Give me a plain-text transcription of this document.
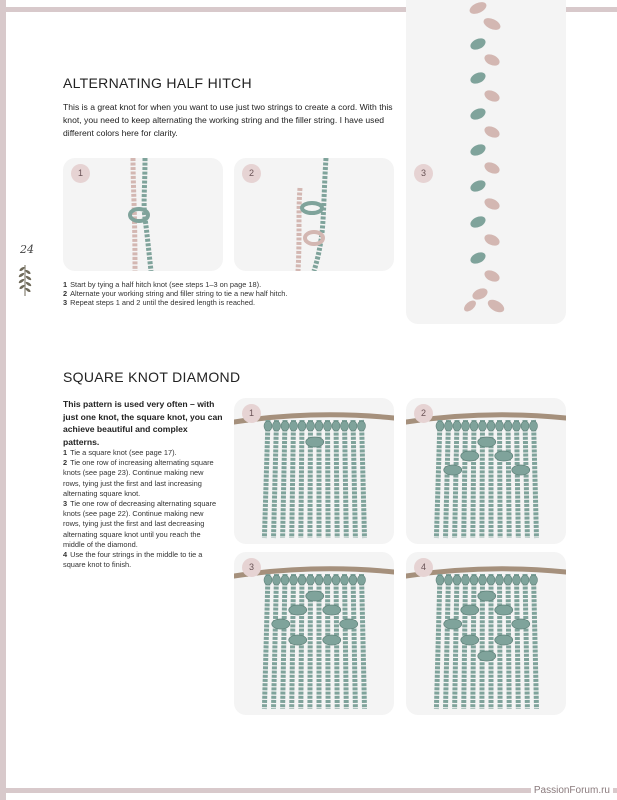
24
ALTERNATING HALF HITCH

This is a great knot for when you want to use just two strings to create a cord. With this knot, you need to keep alternating the working string and the filler string. I have used different colors here for clarity.

1	2	3
1 Start by tying a half hitch knot (see steps 1–3 on page 18).
2 Alternate your working string and filler string to tie a new half hitch.
3 Repeat steps 1 and 2 until the desired length is reached.
SQUARE KNOT DIAMOND

This pattern is used very often – with just one knot, the square knot, you can achieve beautiful and complex patterns.

1 Tie a square knot (see page 17).
2 Tie one row of increasing alternating square knots (see page 23). Continue making new rows, tying just the first and last increasing alternating square knot.
3 Tie one row of decreasing alternating square knots (see page 22). Continue making new rows, tying just the first and last decreasing alternating square knot until you reach the middle of the diamond.
4 Use the four strings in the middle to tie a square knot to finish.
1	2
3	4
PassionForum.ru
